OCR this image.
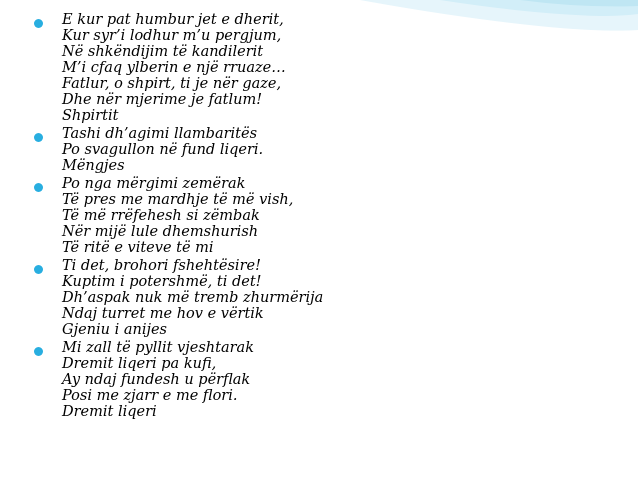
E kur pat humbur jet e dherit,
Kur syr’i lodhur m’u pergjum,
Në shkëndijim të kandilerit
M’i cfaq ylberin e një rruaze…
Fatlur, o shpirt, ti je nër gaze,
Dhe nër mjerime je fatlum!
Shpirtit
Tashi dh’agimi llambaritës
Po svagullon në fund liqeri.
Mëngjes
Po nga mërgimi zemërak
Të pres me mardhje të më vish,
Të më rrëfehesh si zëmbak
Nër mijë lule dhemshurish
Të ritë e viteve të mi
Ti det, brohori fshehtësire!
Kuptim i potershmë, ti det!
Dh’aspak nuk më tremb zhurmërija
Ndaj turret me hov e vërtik
Gjeniu i anijes
Mi zall të pyllit vjeshtarak
Dremit liqeri pa kufi,
Ay ndaj fundesh u përflak
Posi me zjarr e me flori.
Dremit liqeri
